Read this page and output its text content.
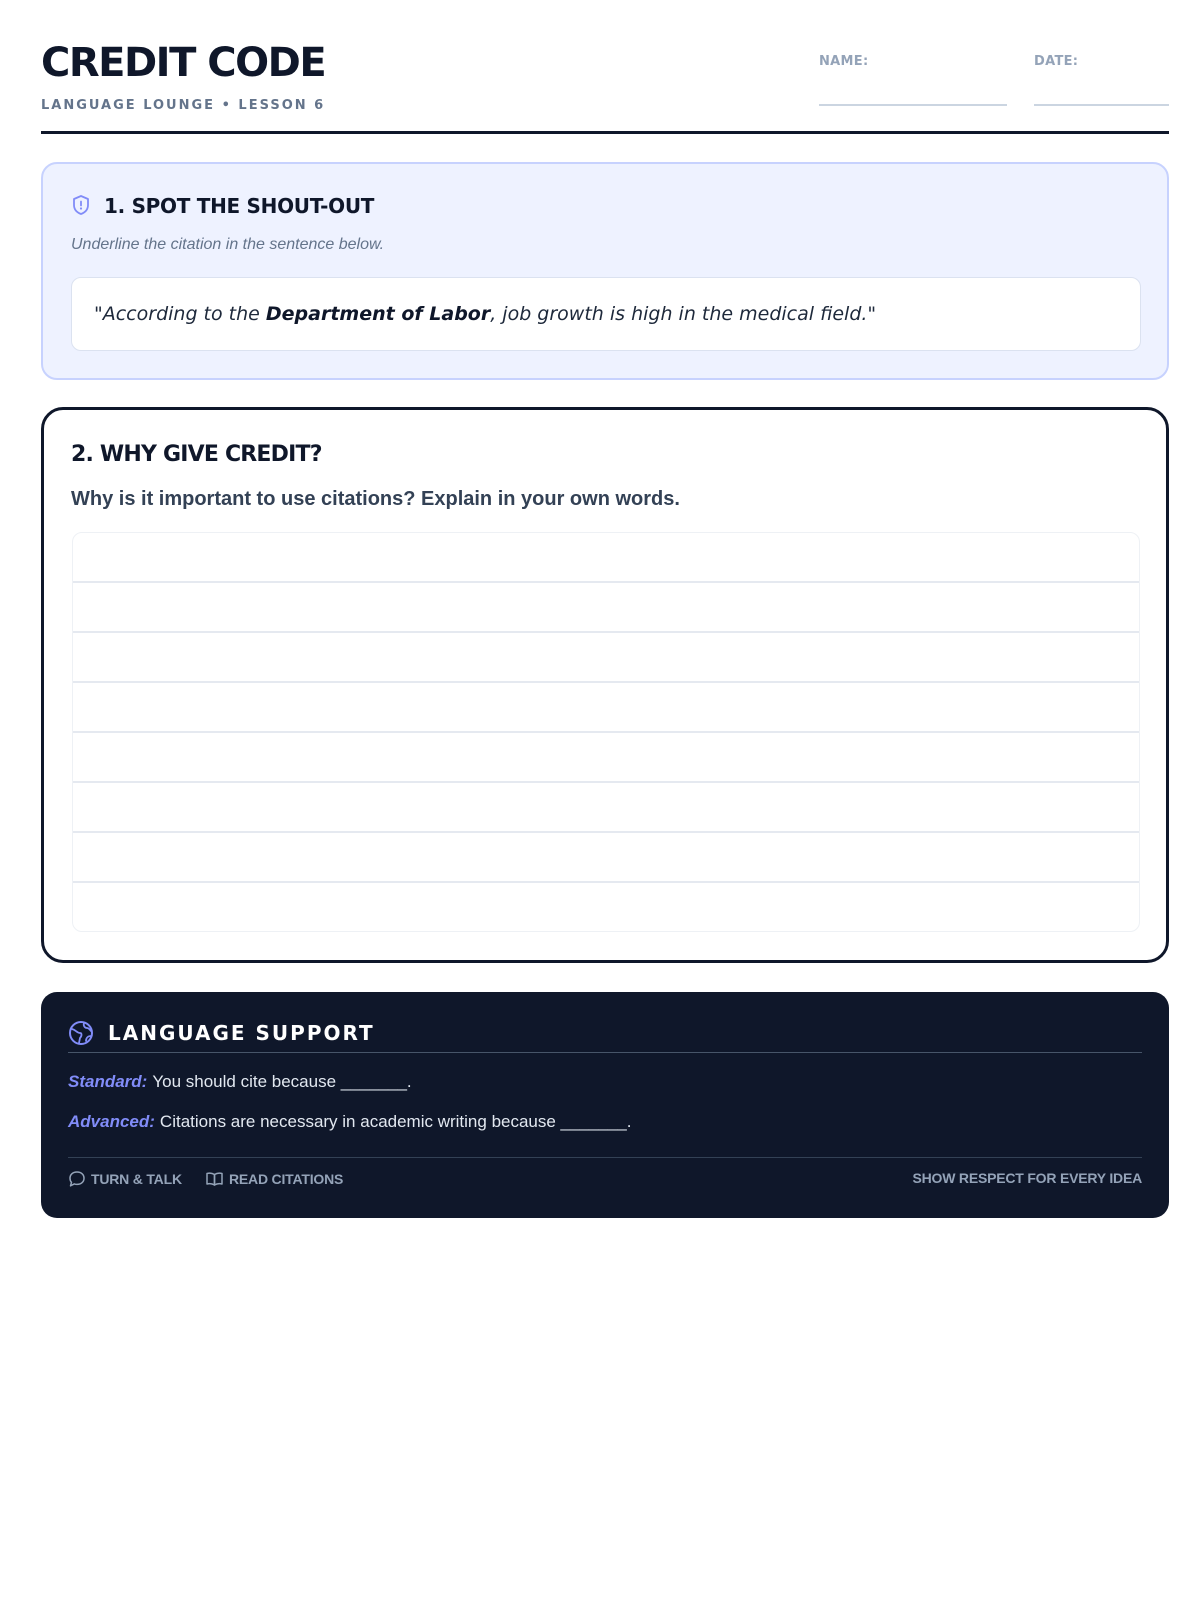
CREDIT CODE
LANGUAGE LOUNGE • LESSON 6
NAME:	DATE:
1. SPOT THE SHOUT-OUT
Underline the citation in the sentence below.
"According to the Department of Labor, job growth is high in the medical field."
2. WHY GIVE CREDIT?
Why is it important to use citations? Explain in your own words.
LANGUAGE SUPPORT
Standard: You should cite because _______.
Advanced: Citations are necessary in academic writing because _______.
TURN & TALK	READ CITATIONS	SHOW RESPECT FOR EVERY IDEA
